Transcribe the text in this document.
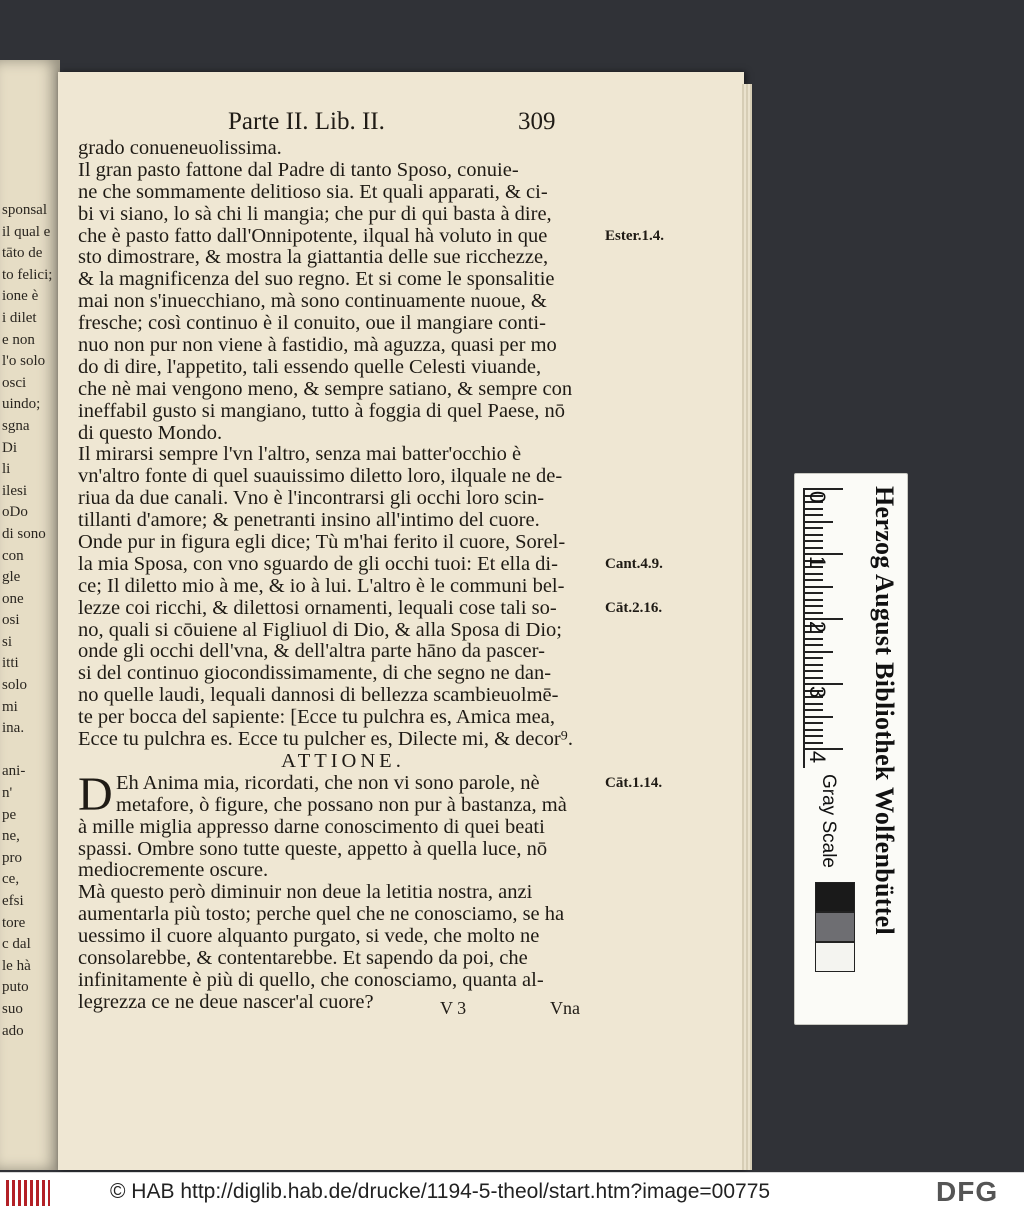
sponsal
il qual e
tāto de
to felici;
ione è
i dilet
e non
l'o solo
osci
uindo;
sgna
Di
li
ilesi
oDo
di sono
con
gle
one
osi
si
itti
solo
mi
ina.

ani-
n'
pe
ne,
pro
ce,
efsi
tore
c dal
le hà
puto
suo
ado
Parte II. Lib. II.	309
grado conueneuolissima.
Il gran pasto fattone dal Padre di tanto Sposo, conuie-
ne che sommamente delitioso sia. Et quali apparati, & ci-
bi vi siano, lo sà chi li mangia; che pur di qui basta à dire,
che è pasto fatto dall'Onnipotente, ilqual hà voluto in que
sto dimostrare, & mostra la giattantia delle sue ricchezze,
& la magnificenza del suo regno. Et si come le sponsalitie
mai non s'inuecchiano, mà sono continuamente nuoue, &
fresche; così continuo è il conuito, oue il mangiare conti-
nuo non pur non viene à fastidio, mà aguzza, quasi per mo
do di dire, l'appetito, tali essendo quelle Celesti viuande,
che nè mai vengono meno, & sempre satiano, & sempre con
ineffabil gusto si mangiano, tutto à foggia di quel Paese, nō
di questo Mondo.
Il mirarsi sempre l'vn l'altro, senza mai batter'occhio è
vn'altro fonte di quel suauissimo diletto loro, ilquale ne de-
riua da due canali. Vno è l'incontrarsi gli occhi loro scin-
tillanti d'amore; & penetranti insino all'intimo del cuore.
Onde pur in figura egli dice; Tù m'hai ferito il cuore, Sorel-
la mia Sposa, con vno sguardo de gli occhi tuoi: Et ella di-
ce; Il diletto mio à me, & io à lui. L'altro è le communi bel-
lezze coi ricchi, & dilettosi ornamenti, lequali cose tali so-
no, quali si cōuiene al Figliuol di Dio, & alla Sposa di Dio;
onde gli occhi dell'vna, & dell'altra parte hāno da pascer-
si del continuo giocondissimamente, di che segno ne dan-
no quelle laudi, lequali dannosi di bellezza scambieuolmē-
te per bocca del sapiente: [Ecce tu pulchra es, Amica mea,
Ecce tu pulchra es. Ecce tu pulcher es, Dilecte mi, & decor⁹.
ATTIONE.
Eh Anima mia, ricordati, che non vi sono parole, nè
metafore, ò figure, che possano non pur à bastanza, mà
à mille miglia appresso darne conoscimento di quei beati
spassi. Ombre sono tutte queste, appetto à quella luce, nō
mediocremente oscure.
Mà questo però diminuir non deue la letitia nostra, anzi
aumentarla più tosto; perche quel che ne conosciamo, se ha
uessimo il cuore alquanto purgato, si vede, che molto ne
consolarebbe, & contentarebbe. Et sapendo da poi, che
infinitamente è più di quello, che conosciamo, quanta al-
legrezza ce ne deue nascer'al cuore?
D
Ester.1.4.
Cant.4.9.
Cāt.2.16.
Cāt.1.14.
V 3	Vna
0
1
2
3
4	Herzog August Bibliothek Wolfenbüttel
Gray Scale
© HAB http://diglib.hab.de/drucke/1194-5-theol/start.htm?image=00775	DFG
